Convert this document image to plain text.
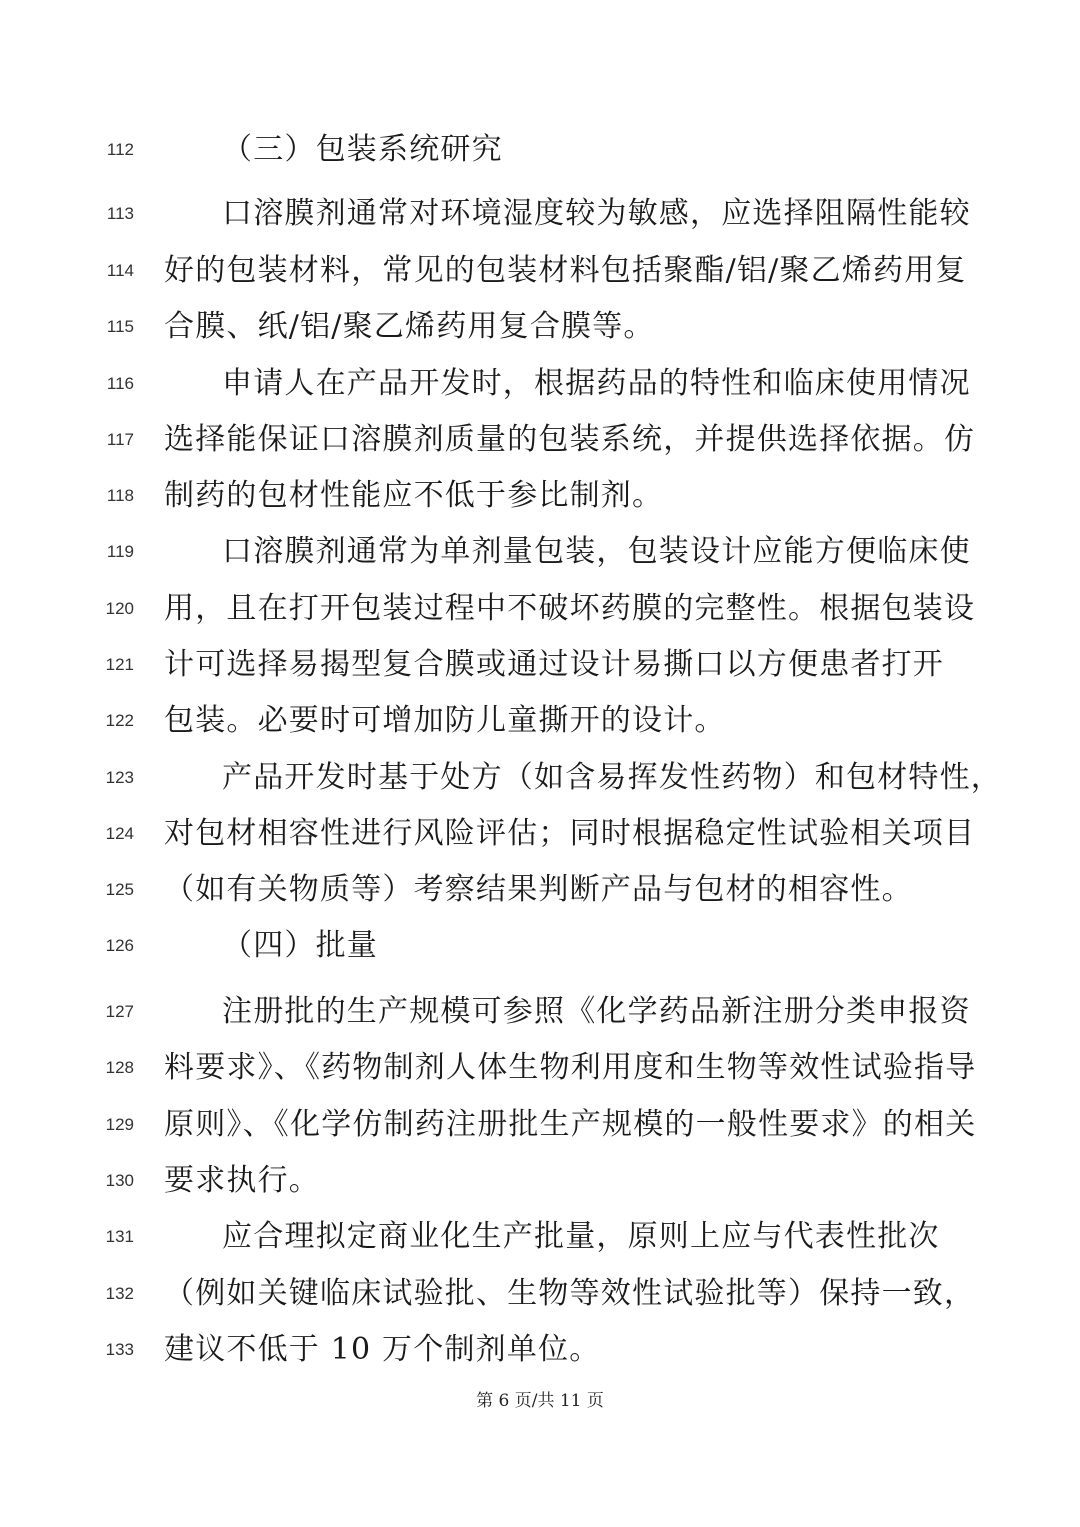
112	（三）包装系统研究
113	口溶膜剂通常对环境湿度较为敏感，应选择阻隔性能较
114 好的包装材料，常见的包装材料包括聚酯/铝/聚乙烯药用复
115 合膜、纸/铝/聚乙烯药用复合膜等。
116	申请人在产品开发时，根据药品的特性和临床使用情况
117 选择能保证口溶膜剂质量的包装系统，并提供选择依据。仿
118 制药的包材性能应不低于参比制剂。
119	口溶膜剂通常为单剂量包装，包装设计应能方便临床使
120 用，且在打开包装过程中不破坏药膜的完整性。根据包装设
121 计可选择易揭型复合膜或通过设计易撕口以方便患者打开
122 包装。必要时可增加防儿童撕开的设计。
123	产品开发时基于处方（如含易挥发性药物）和包材特性，
124 对包材相容性进行风险评估；同时根据稳定性试验相关项目
125 （如有关物质等）考察结果判断产品与包材的相容性。
126	（四）批量
127	注册批的生产规模可参照《化学药品新注册分类申报资
128 料要求》、《药物制剂人体生物利用度和生物等效性试验指导
129 原则》、《化学仿制药注册批生产规模的一般性要求》的相关
130 要求执行。
131	应合理拟定商业化生产批量，原则上应与代表性批次
132 （例如关键临床试验批、生物等效性试验批等）保持一致，
133 建议不低于 10 万个制剂单位。
第 6 页/共 11 页
